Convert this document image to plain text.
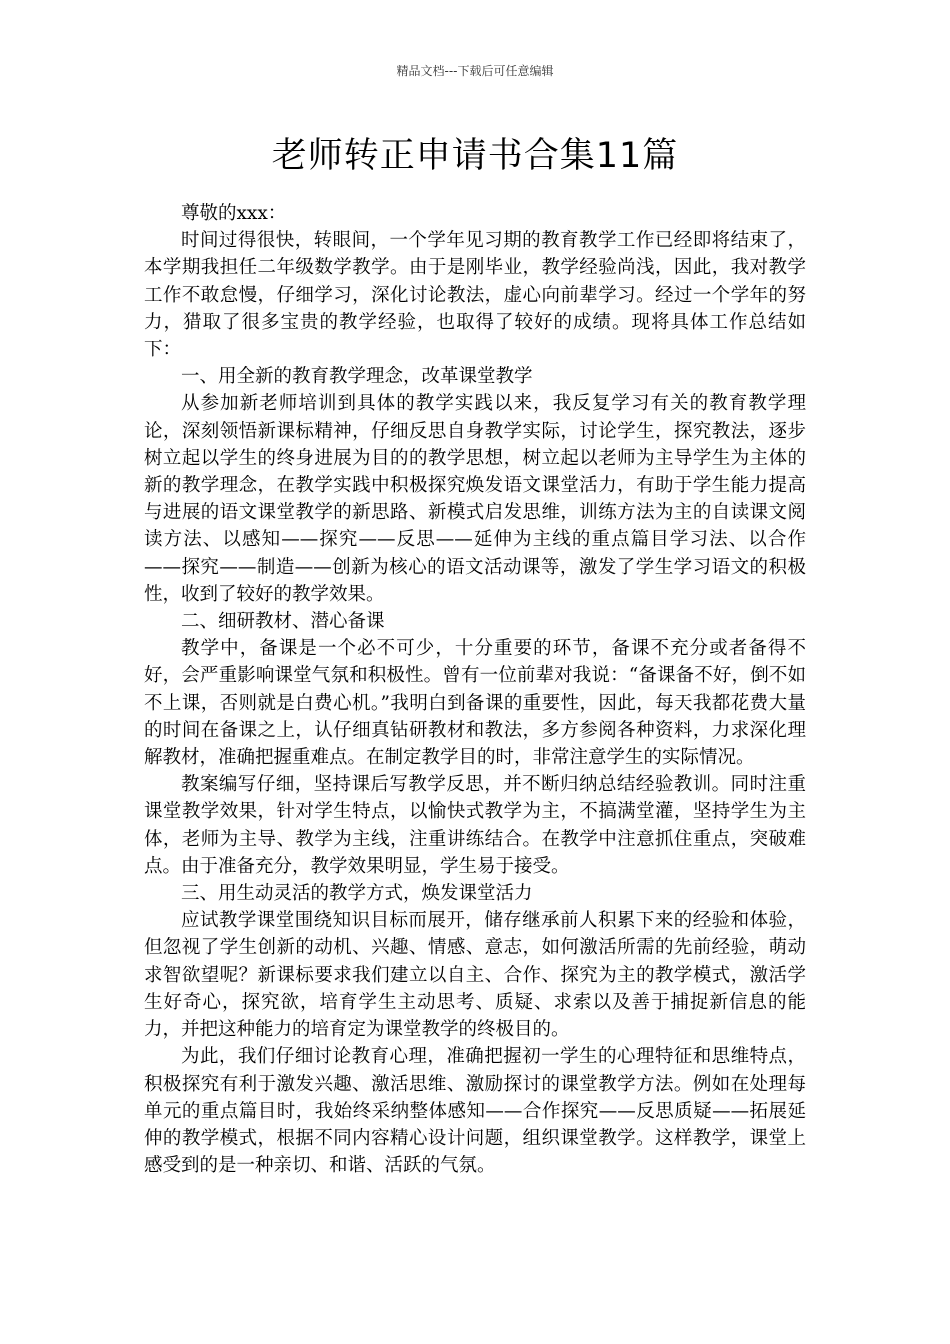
精品文档---下载后可任意编辑
老师转正申请书合集11篇

尊敬的xxx：

时间过得很快，转眼间，一个学年见习期的教育教学工作已经即将结束了，本学期我担任二年级数学教学。由于是刚毕业，教学经验尚浅，因此，我对教学工作不敢怠慢，仔细学习，深化讨论教法，虚心向前辈学习。经过一个学年的努力，猎取了很多宝贵的教学经验，也取得了较好的成绩。现将具体工作总结如下：

一、用全新的教育教学理念，改革课堂教学

从参加新老师培训到具体的教学实践以来，我反复学习有关的教育教学理论，深刻领悟新课标精神，仔细反思自身教学实际，讨论学生，探究教法，逐步树立起以学生的终身进展为目的的教学思想，树立起以老师为主导学生为主体的新的教学理念，在教学实践中积极探究焕发语文课堂活力，有助于学生能力提高与进展的语文课堂教学的新思路、新模式启发思维，训练方法为主的自读课文阅读方法、以感知——探究——反思——延伸为主线的重点篇目学习法、以合作——探究——制造——创新为核心的语文活动课等，激发了学生学习语文的积极性，收到了较好的教学效果。

二、细研教材、潜心备课

教学中，备课是一个必不可少，十分重要的环节，备课不充分或者备得不好，会严重影响课堂气氛和积极性。曾有一位前辈对我说：“备课备不好，倒不如不上课，否则就是白费心机。”我明白到备课的重要性，因此，每天我都花费大量的时间在备课之上，认仔细真钻研教材和教法，多方参阅各种资料，力求深化理解教材，准确把握重难点。在制定教学目的时，非常注意学生的实际情况。

教案编写仔细，坚持课后写教学反思，并不断归纳总结经验教训。同时注重课堂教学效果，针对学生特点，以愉快式教学为主，不搞满堂灌，坚持学生为主体，老师为主导、教学为主线，注重讲练结合。在教学中注意抓住重点，突破难点。由于准备充分，教学效果明显，学生易于接受。

三、用生动灵活的教学方式，焕发课堂活力

应试教学课堂围绕知识目标而展开，储存继承前人积累下来的经验和体验，但忽视了学生创新的动机、兴趣、情感、意志，如何激活所需的先前经验，萌动求智欲望呢？新课标要求我们建立以自主、合作、探究为主的教学模式，激活学生好奇心，探究欲，培育学生主动思考、质疑、求索以及善于捕捉新信息的能力，并把这种能力的培育定为课堂教学的终极目的。

为此，我们仔细讨论教育心理，准确把握初一学生的心理特征和思维特点，积极探究有利于激发兴趣、激活思维、激励探讨的课堂教学方法。例如在处理每单元的重点篇目时，我始终采纳整体感知——合作探究——反思质疑——拓展延伸的教学模式，根据不同内容精心设计问题，组织课堂教学。这样教学，课堂上感受到的是一种亲切、和谐、活跃的气氛。
